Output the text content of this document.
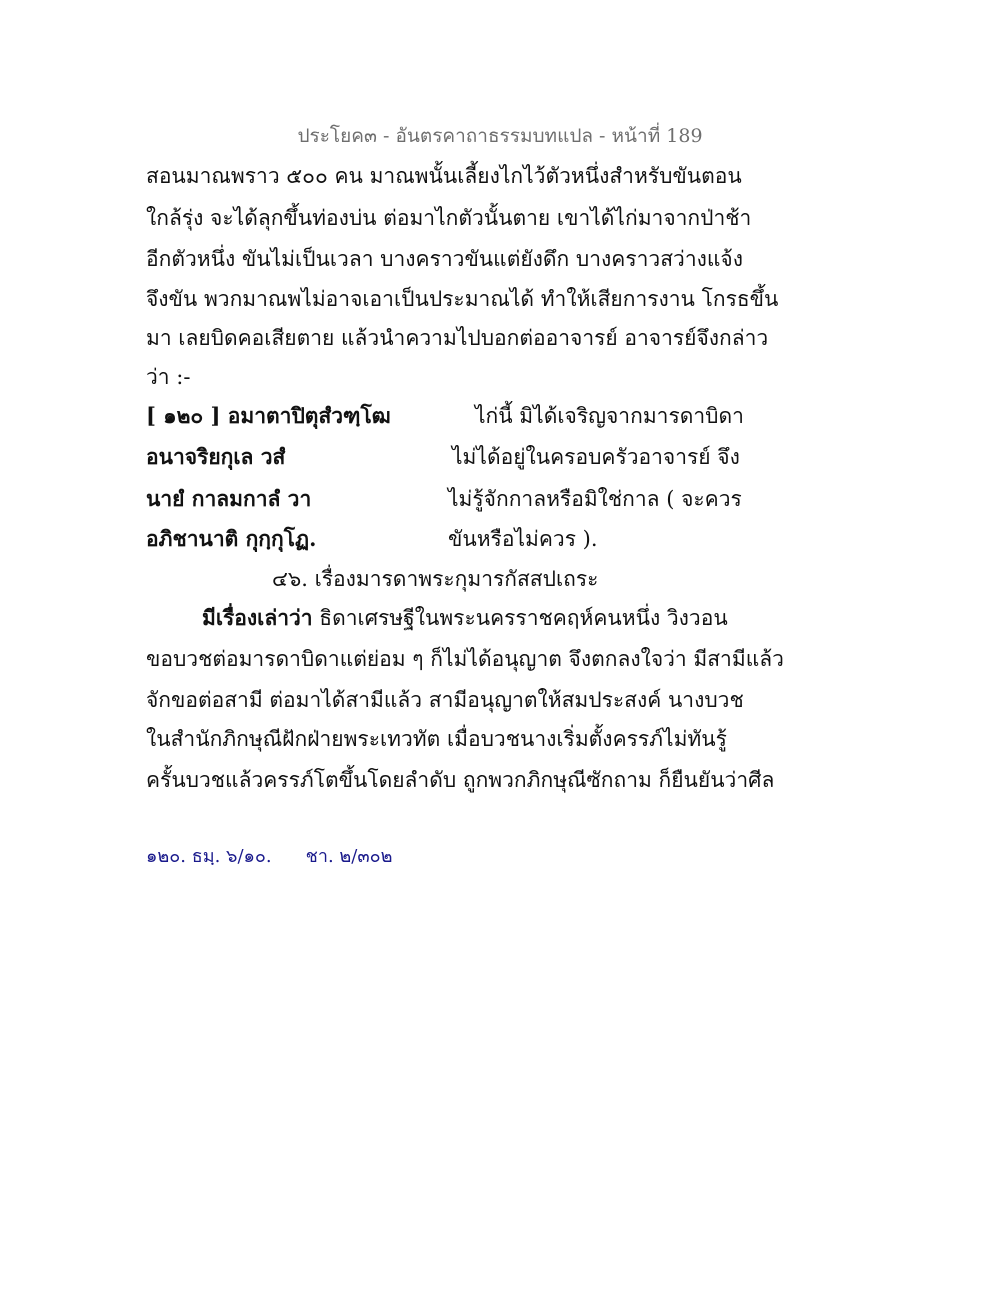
ประโยค๓ - อันตรคาถาธรรมบทแปล - หน้าที่ 189
สอนมาณพราว ๕๐๐ คน มาณพนั้นเลี้ยงไกไว้ตัวหนึ่งสำหรับขันตอน
ใกล้รุ่ง จะได้ลุกขึ้นท่องบ่น ต่อมาไกตัวนั้นตาย เขาได้ไก่มาจากป่าช้า
อีกตัวหนึ่ง ขันไม่เป็นเวลา บางคราวขันแต่ยังดึก บางคราวสว่างแจ้ง
จึงขัน พวกมาณพไม่อาจเอาเป็นประมาณได้ ทำให้เสียการงาน โกรธขึ้น
มา เลยบิดคอเสียตาย แล้วนำความไปบอกต่ออาจารย์ อาจารย์จึงกล่าว
ว่า :-
[ ๑๒๐ ] อมาตาปิตุสํวฑฺโฒ	ไก่นี้ มิได้เจริญจากมารดาบิดา
อนาจริยกุเล วสํ	ไม่ได้อยู่ในครอบครัวอาจารย์ จึง
นายํ กาลมกาลํ วา	ไม่รู้จักกาลหรือมิใช่กาล ( จะควร
อภิชานาติ กุกฺกุโฏ.	ขันหรือไม่ควร ).
๔๖. เรื่องมารดาพระกุมารกัสสปเถระ
มีเรื่องเล่าว่า ธิดาเศรษฐีในพระนครราชคฤห์คนหนึ่ง วิงวอน
ขอบวชต่อมารดาบิดาแต่ย่อม ๆ ก็ไม่ได้อนุญาต จึงตกลงใจว่า มีสามีแล้ว
จักขอต่อสามี ต่อมาได้สามีแล้ว สามีอนุญาตให้สมประสงค์ นางบวช
ในสำนักภิกษุณีฝักฝ่ายพระเทวทัต เมื่อบวชนางเริ่มตั้งครรภ์ไม่ทันรู้
ครั้นบวชแล้วครรภ์โตขึ้นโดยลำดับ ถูกพวกภิกษุณีซักถาม ก็ยืนยันว่าศีล
๑๒๐. ธมฺ. ๖/๑๐. ชา. ๒/๓๐๒
